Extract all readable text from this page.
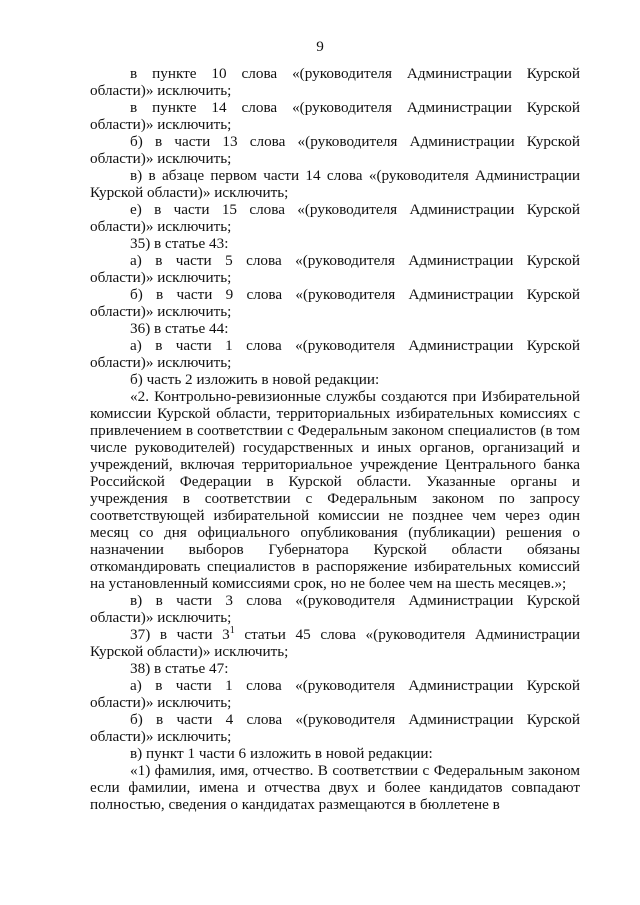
9
в пункте 10 слова «(руководителя Администрации Курской
области)» исключить;
в пункте 14 слова «(руководителя Администрации Курской
области)» исключить;
б) в части 13 слова «(руководителя Администрации Курской
области)» исключить;
в) в абзаце первом части 14 слова «(руководителя Администрации
Курской области)» исключить;
е) в части 15 слова «(руководителя Администрации Курской
области)» исключить;
35) в статье 43:
а) в части 5 слова «(руководителя Администрации Курской
области)» исключить;
б) в части 9 слова «(руководителя Администрации Курской
области)» исключить;
36) в статье 44:
а) в части 1 слова «(руководителя Администрации Курской
области)» исключить;
б) часть 2 изложить в новой редакции:
«2. Контрольно-ревизионные службы создаются при Избирательной
комиссии Курской области, территориальных избирательных комиссиях с
привлечением в соответствии с Федеральным законом специалистов (в том
числе руководителей) государственных и иных органов, организаций и
учреждений, включая территориальное учреждение Центрального банка
Российской Федерации в Курской области. Указанные органы и
учреждения в соответствии с Федеральным законом по запросу
соответствующей избирательной комиссии не позднее чем через один
месяц со дня официального опубликования (публикации) решения о
назначении выборов Губернатора Курской области обязаны
откомандировать специалистов в распоряжение избирательных комиссий
на установленный комиссиями срок, но не более чем на шесть месяцев.»;
в) в части 3 слова «(руководителя Администрации Курской
области)» исключить;
37) в части $3^1$ статьи 45 слова «(руководителя Администрации
Курской области)» исключить;
38) в статье 47:
а) в части 1 слова «(руководителя Администрации Курской
области)» исключить;
б) в части 4 слова «(руководителя Администрации Курской
области)» исключить;
в) пункт 1 части 6 изложить в новой редакции:
«1) фамилия, имя, отчество. В соответствии с Федеральным законом
если фамилии, имена и отчества двух и более кандидатов совпадают
полностью, сведения о кандидатах размещаются в бюллетене в
